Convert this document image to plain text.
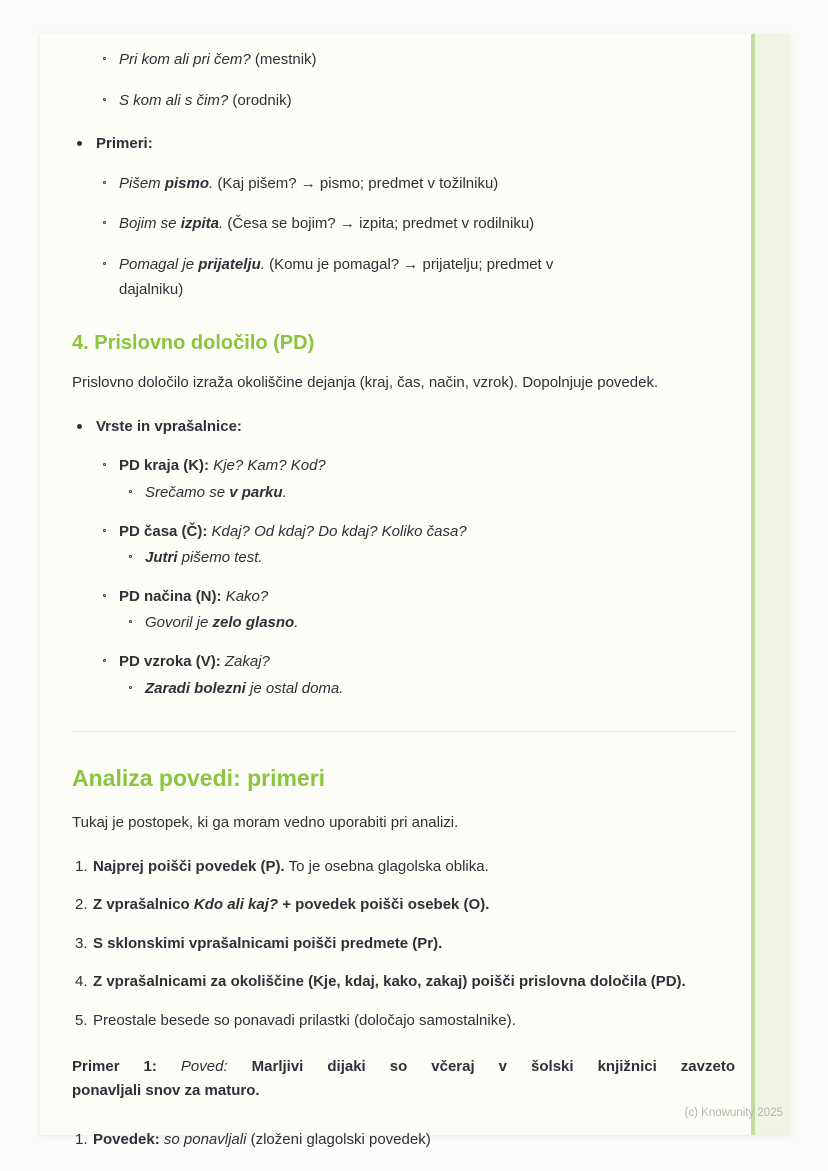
Pri kom ali pri čem? (mestnik)
S kom ali s čim? (orodnik)
Primeri:
Pišem pismo. (Kaj pišem? → pismo; predmet v tožilniku)
Bojim se izpita. (Česa se bojim? → izpita; predmet v rodilniku)
Pomagal je prijatelju. (Komu je pomagal? → prijatelju; predmet v dajalniku)
4. Prislovno določilo (PD)

Prislovno določilo izraža okoliščine dejanja (kraj, čas, način, vzrok). Dopolnjuje povedek.

Vrste in vprašalnice:
PD kraja (K): Kje? Kam? Kod?
Srečamo se v parku.
PD časa (Č): Kdaj? Od kdaj? Do kdaj? Koliko časa?
Jutri pišemo test.
PD načina (N): Kako?
Govoril je zelo glasno.
PD vzroka (V): Zakaj?
Zaradi bolezni je ostal doma.
Analiza povedi: primeri

Tukaj je postopek, ki ga moram vedno uporabiti pri analizi.

1. Najprej poišči povedek (P). To je osebna glagolska oblika.
2. Z vprašalnico Kdo ali kaj? + povedek poišči osebek (O).
3. S sklonskimi vprašalnicami poišči predmete (Pr).
4. Z vprašalnicami za okoliščine (Kje, kdaj, kako, zakaj) poišči prislovna določila (PD).
5. Preostale besede so ponavadi prilastki (določajo samostalnike).

Primer 1: Poved: Marljivi dijaki so včeraj v šolski knjižnici zavzeto
ponavljali snov za maturo.

1. Povedek: so ponavljali (zloženi glagolski povedek)
(c) Knowunity 2025
